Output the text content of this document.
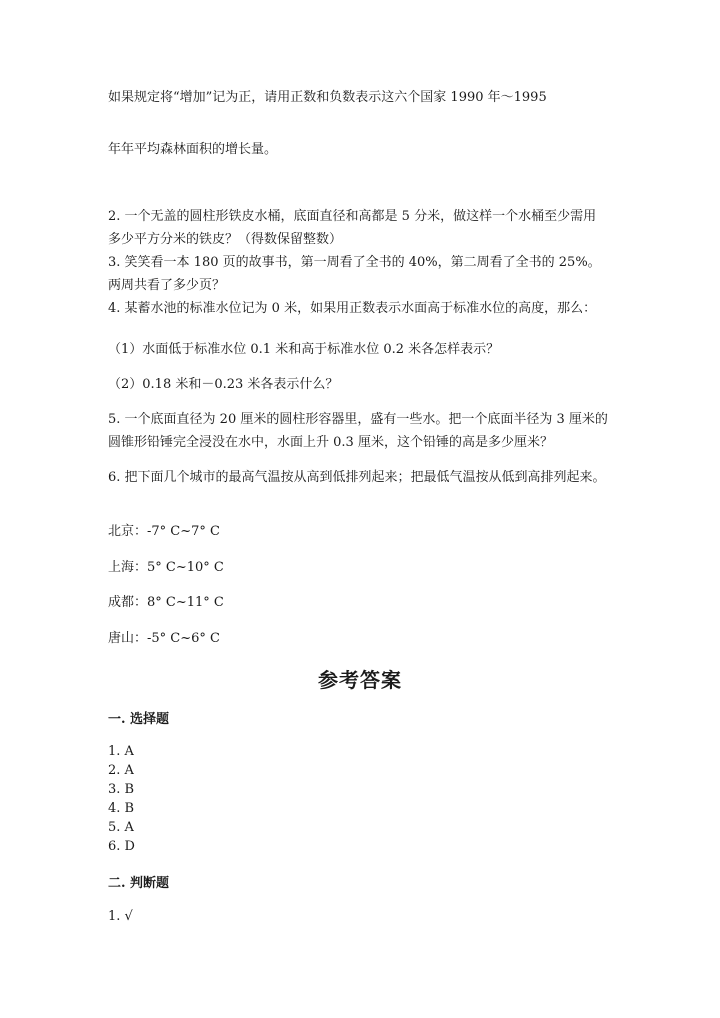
如果规定将“增加”记为正，请用正数和负数表示这六个国家 1990 年～1995
年年平均森林面积的增长量。
2. 一个无盖的圆柱形铁皮水桶，底面直径和高都是 5 分米，做这样一个水桶至少需用多少平方分米的铁皮？（得数保留整数）
3. 笑笑看一本 180 页的故事书，第一周看了全书的 40%，第二周看了全书的 25%。两周共看了多少页？
4. 某蓄水池的标准水位记为 0 米，如果用正数表示水面高于标准水位的高度，那么：
（1）水面低于标准水位 0.1 米和高于标准水位 0.2 米各怎样表示？
（2）0.18 米和－0.23 米各表示什么？
5. 一个底面直径为 20 厘米的圆柱形容器里，盛有一些水。把一个底面半径为 3 厘米的圆锥形铅锤完全浸没在水中，水面上升 0.3 厘米，这个铅锤的高是多少厘米？
6. 把下面几个城市的最高气温按从高到低排列起来；把最低气温按从低到高排列起来。
北京：-7° C~7° C
上海：5° C~10° C
成都：8° C~11° C
唐山：-5° C~6° C
参考答案
一. 选择题
1. A
2. A
3. B
4. B
5. A
6. D
二. 判断题
1. √
